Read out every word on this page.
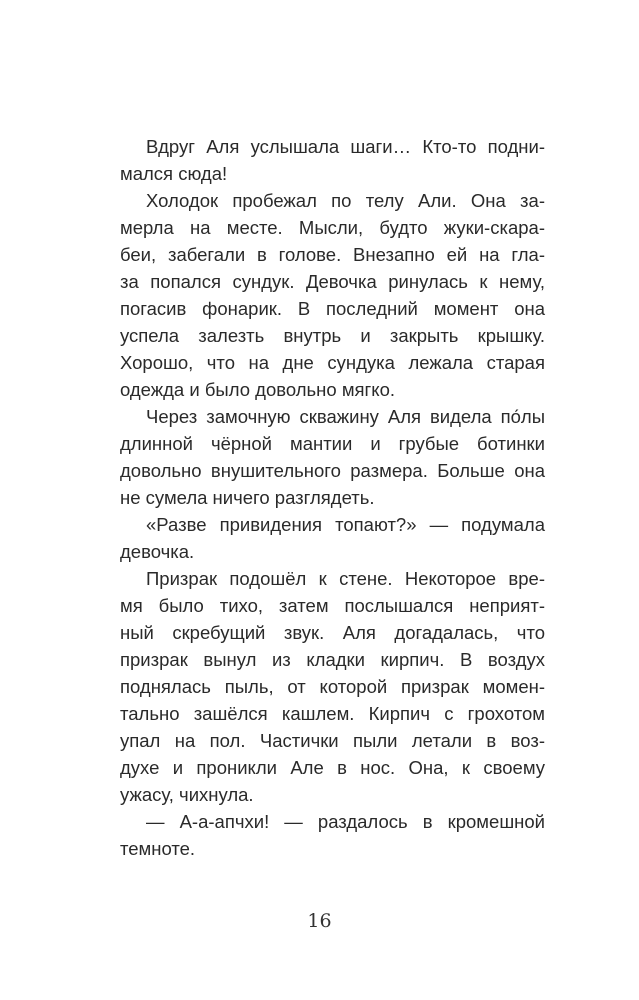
Вдруг Аля услышала шаги… Кто-то подни-
мался сюда!
Холодок пробежал по телу Али. Она за-
мерла на месте. Мысли, будто жуки-скара-
беи, забегали в голове. Внезапно ей на гла-
за попался сундук. Девочка ринулась к нему,
погасив фонарик. В последний момент она
успела залезть внутрь и закрыть крышку.
Хорошо, что на дне сундука лежала старая
одежда и было довольно мягко.
Через замочную скважину Аля видела по́лы
длинной чёрной мантии и грубые ботинки
довольно внушительного размера. Больше она
не сумела ничего разглядеть.
«Разве привидения топают?» — подумала
девочка.
Призрак подошёл к стене. Некоторое вре-
мя было тихо, затем послышался неприят-
ный скребущий звук. Аля догадалась, что
призрак вынул из кладки кирпич. В воздух
поднялась пыль, от которой призрак момен-
тально зашёлся кашлем. Кирпич с грохотом
упал на пол. Частички пыли летали в воз-
духе и проникли Але в нос. Она, к своему
ужасу, чихнула.
— А-а-апчхи! — раздалось в кромешной
темноте.
16
